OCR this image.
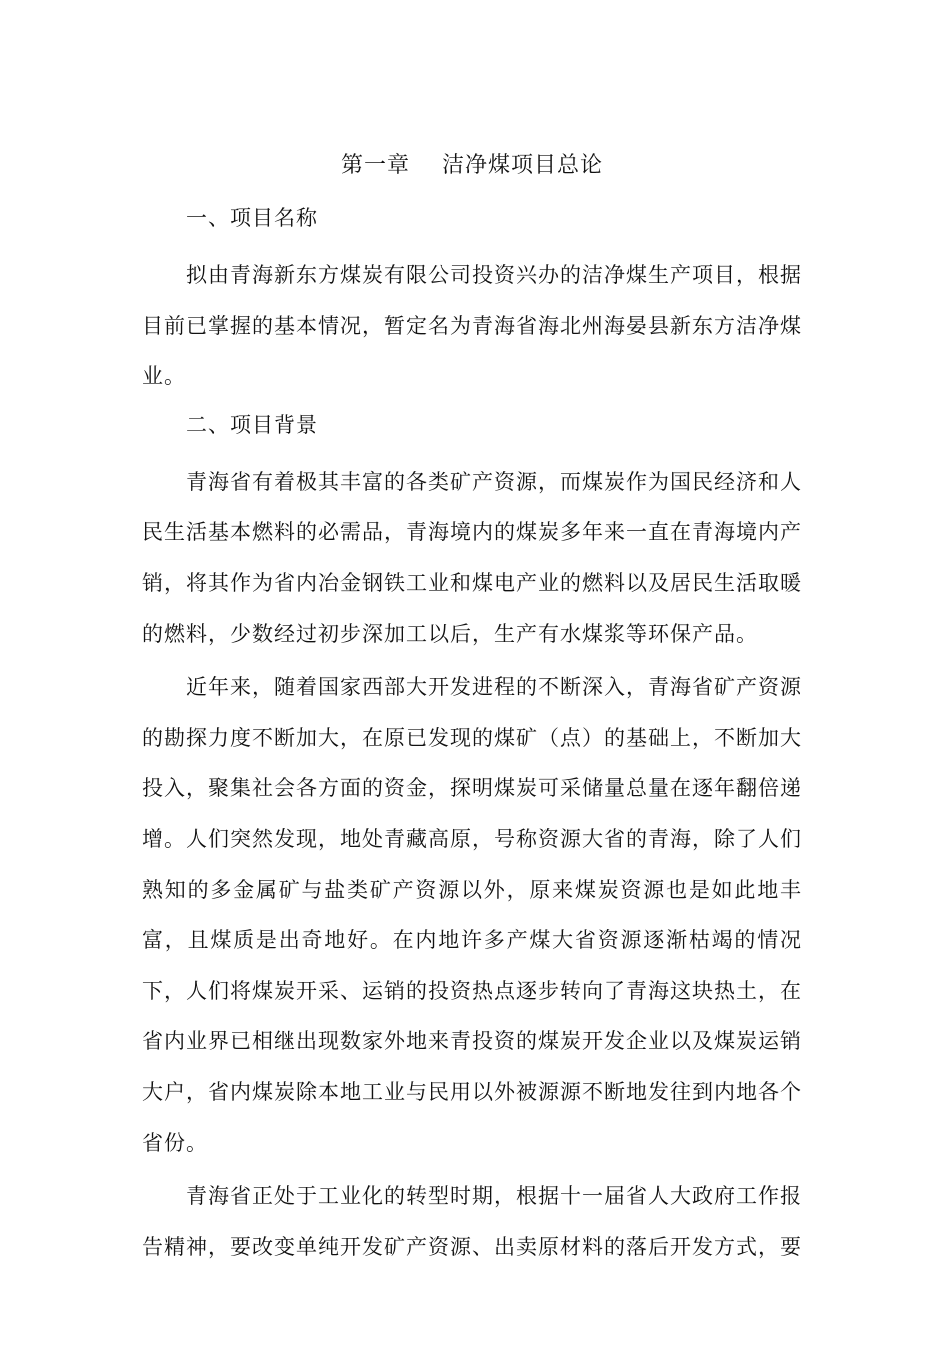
第一章    洁净煤项目总论
一、项目名称

拟由青海新东方煤炭有限公司投资兴办的洁净煤生产项目，根据目前已掌握的基本情况，暂定名为青海省海北州海晏县新东方洁净煤业。

二、项目背景

青海省有着极其丰富的各类矿产资源，而煤炭作为国民经济和人民生活基本燃料的必需品，青海境内的煤炭多年来一直在青海境内产销，将其作为省内冶金钢铁工业和煤电产业的燃料以及居民生活取暖的燃料，少数经过初步深加工以后，生产有水煤浆等环保产品。

近年来，随着国家西部大开发进程的不断深入，青海省矿产资源的勘探力度不断加大，在原已发现的煤矿（点）的基础上，不断加大投入，聚集社会各方面的资金，探明煤炭可采储量总量在逐年翻倍递增。人们突然发现，地处青藏高原，号称资源大省的青海，除了人们熟知的多金属矿与盐类矿产资源以外，原来煤炭资源也是如此地丰富，且煤质是出奇地好。在内地许多产煤大省资源逐渐枯竭的情况下，人们将煤炭开采、运销的投资热点逐步转向了青海这块热土，在省内业界已相继出现数家外地来青投资的煤炭开发企业以及煤炭运销大户，省内煤炭除本地工业与民用以外被源源不断地发往到内地各个省份。

青海省正处于工业化的转型时期，根据十一届省人大政府工作报告精神，要改变单纯开发矿产资源、出卖原材料的落后开发方式，要
